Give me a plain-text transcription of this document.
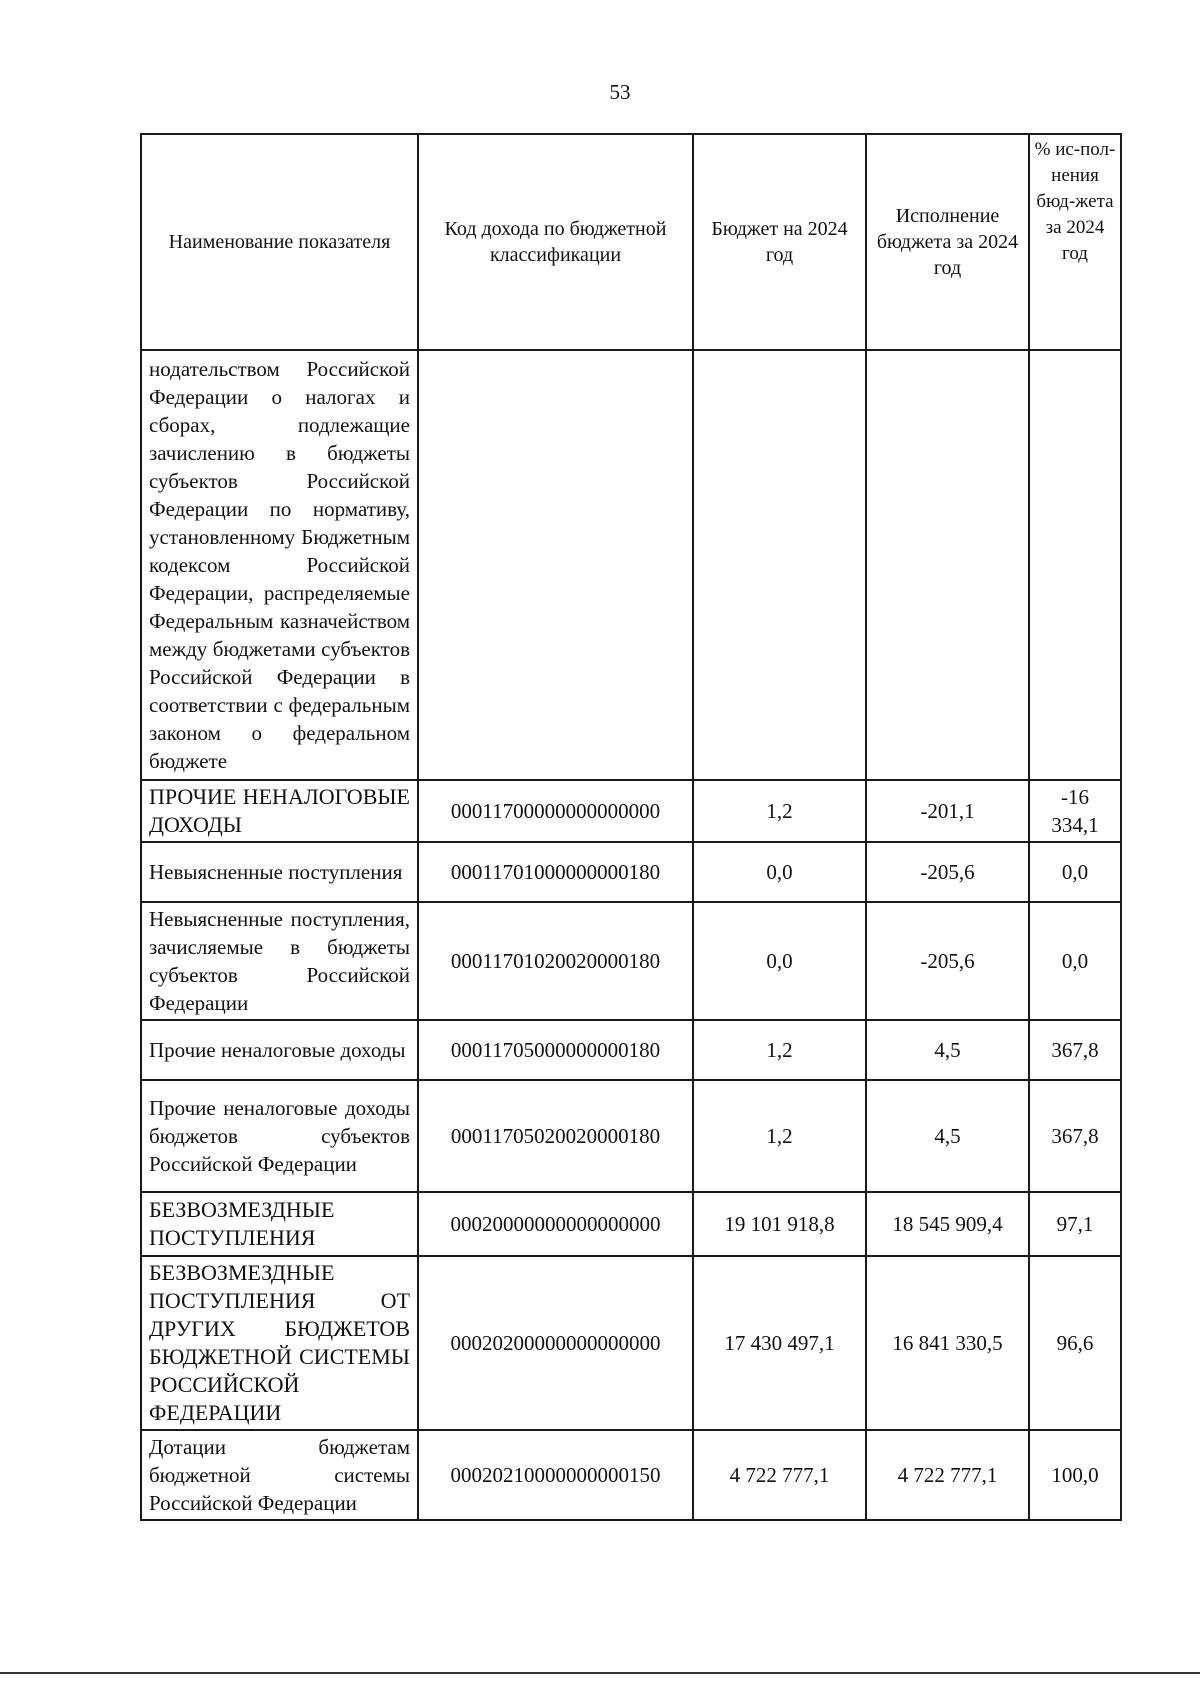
53
Наименование показателя	Код дохода по бюджетной классификации	Бюджет на 2024 год	Исполнение бюджета за 2024 год	% ис-пол-нения бюд-жета за 2024 год
нодательством Российской Федерации о налогах и сборах, подлежащие зачислению в бюджеты субъектов Российской Федерации по нормативу, установленному Бюджетным кодексом Российской Федерации, распределяемые Федеральным казначейством между бюджетами субъектов Российской Федерации в соответствии с федеральным законом о федеральном бюджете				
ПРОЧИЕ НЕНАЛОГОВЫЕ ДОХОДЫ	00011700000000000000	1,2	-201,1	-16 334,1
Невыясненные поступления	00011701000000000180	0,0	-205,6	0,0
Невыясненные поступления, зачисляемые в бюджеты субъектов Российской Федерации	00011701020020000180	0,0	-205,6	0,0
Прочие неналоговые доходы	00011705000000000180	1,2	4,5	367,8
Прочие неналоговые доходы бюджетов субъектов Российской Федерации	00011705020020000180	1,2	4,5	367,8
БЕЗВОЗМЕЗДНЫЕ ПОСТУПЛЕНИЯ	00020000000000000000	19 101 918,8	18 545 909,4	97,1
БЕЗВОЗМЕЗДНЫЕ ПОСТУПЛЕНИЯ ОТ ДРУГИХ БЮДЖЕТОВ БЮДЖЕТНОЙ СИСТЕМЫ РОССИЙСКОЙ ФЕДЕРАЦИИ	00020200000000000000	17 430 497,1	16 841 330,5	96,6
Дотации бюджетам бюджетной системы Российской Федерации	00020210000000000150	4 722 777,1	4 722 777,1	100,0
